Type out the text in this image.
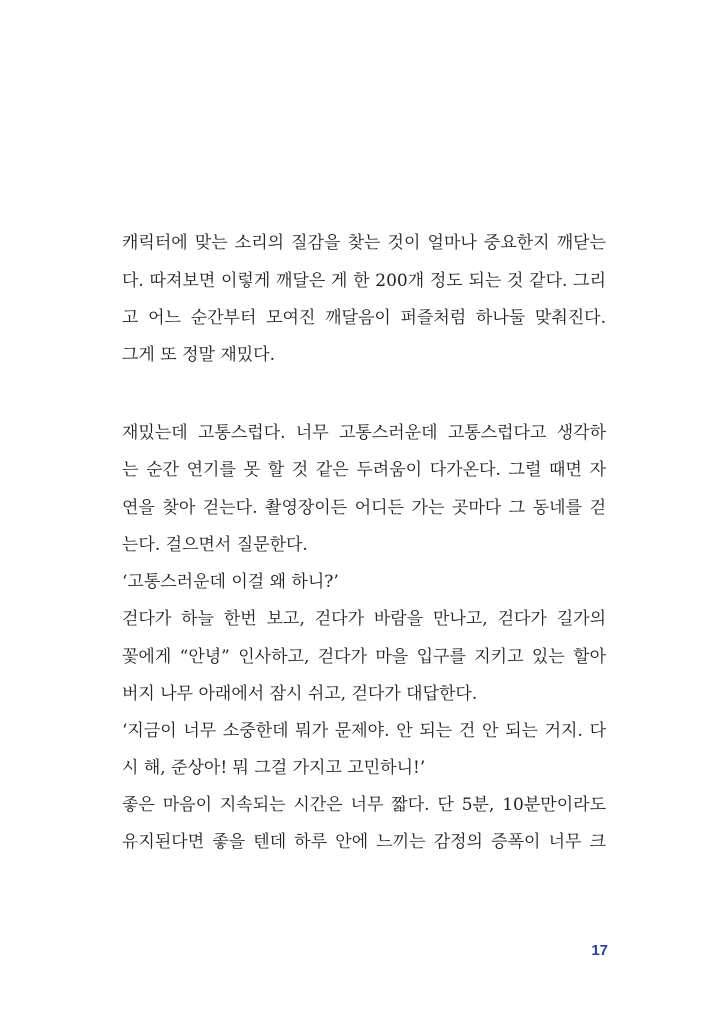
캐릭터에 맞는 소리의 질감을 찾는 것이 얼마나 중요한지 깨닫는
다. 따져보면 이렇게 깨달은 게 한 200개 정도 되는 것 같다. 그리
고 어느 순간부터 모여진 깨달음이 퍼즐처럼 하나둘 맞춰진다.
그게 또 정말 재밌다.
재밌는데 고통스럽다. 너무 고통스러운데 고통스럽다고 생각하
는 순간 연기를 못 할 것 같은 두려움이 다가온다. 그럴 때면 자
연을 찾아 걷는다. 촬영장이든 어디든 가는 곳마다 그 동네를 걷
는다. 걸으면서 질문한다.
‘고통스러운데 이걸 왜 하니?’
걷다가 하늘 한번 보고, 걷다가 바람을 만나고, 걷다가 길가의
꽃에게 “안녕” 인사하고, 걷다가 마을 입구를 지키고 있는 할아
버지 나무 아래에서 잠시 쉬고, 걷다가 대답한다.
‘지금이 너무 소중한데 뭐가 문제야. 안 되는 건 안 되는 거지. 다
시 해, 준상아! 뭐 그걸 가지고 고민하니!’
좋은 마음이 지속되는 시간은 너무 짧다. 단 5분, 10분만이라도
유지된다면 좋을 텐데 하루 안에 느끼는 감정의 증폭이 너무 크
17
